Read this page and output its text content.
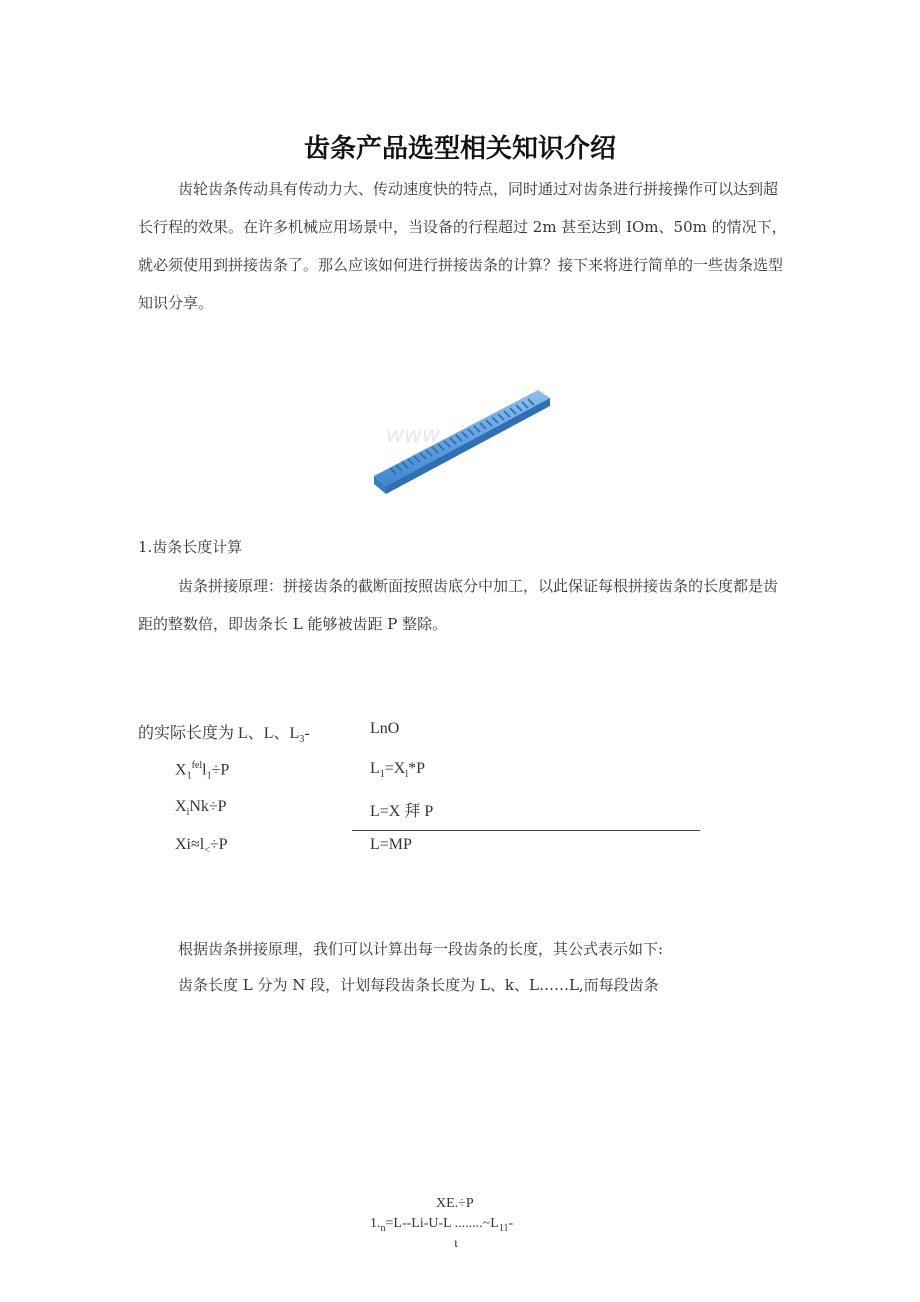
齿条产品选型相关知识介绍
齿轮齿条传动具有传动力大、传动速度快的特点，同时通过对齿条进行拼接操作可以达到超长行程的效果。在许多机械应用场景中，当设备的行程超过 2m 甚至达到 IOm、50m 的情况下，就必须使用到拼接齿条了。那么应该如何进行拼接齿条的计算？接下来将进行简单的一些齿条选型知识分享。
www
1.齿条长度计算
齿条拼接原理：拼接齿条的截断面按照齿底分中加工，以此保证每根拼接齿条的长度都是齿距的整数倍，即齿条长 L 能够被齿距 P 整除。
的实际长度为 L、L、$L_3-$	LnO
$X_1^{fel}l_1\div P$	$L_1=X_l*P$
$X_iNk\div P$	L=X 拜 P
$Xi\approx l_<\div P$	L=MP
根据齿条拼接原理，我们可以计算出每一段齿条的长度，其公式表示如下:
齿条长度 L 分为 N 段，计划每段齿条长度为 L、k、L……L,而每段齿条
XE.÷P
$1._n=L--Li-U-L$ $........\sim L_{11}-$
ι
